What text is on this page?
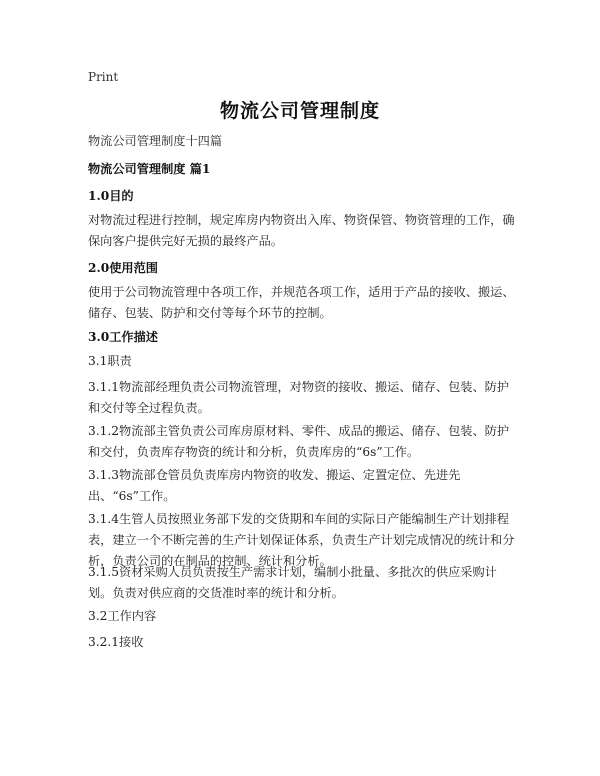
Print
物流公司管理制度

物流公司管理制度十四篇

物流公司管理制度 篇1

1.0目的

对物流过程进行控制，规定库房内物资出入库、物资保管、物资管理的工作，确保向客户提供完好无损的最终产品。

2.0使用范围

使用于公司物流管理中各项工作，并规范各项工作，适用于产品的接收、搬运、储存、包装、防护和交付等每个环节的控制。

3.0工作描述

3.1职责

3.1.1物流部经理负责公司物流管理，对物资的接收、搬运、储存、包装、防护和交付等全过程负责。

3.1.2物流部主管负责公司库房原材料、零件、成品的搬运、储存、包装、防护和交付，负责库存物资的统计和分析，负责库房的“6s”工作。

3.1.3物流部仓管员负责库房内物资的收发、搬运、定置定位、先进先出、“6s”工作。

3.1.4生管人员按照业务部下发的交货期和车间的实际日产能编制生产计划排程表，建立一个不断完善的生产计划保证体系，负责生产计划完成情况的统计和分析，负责公司的在制品的控制、统计和分析。

3.1.5资材采购人员负责按生产需求计划，编制小批量、多批次的供应采购计划。负责对供应商的交货准时率的统计和分析。

3.2工作内容

3.2.1接收
